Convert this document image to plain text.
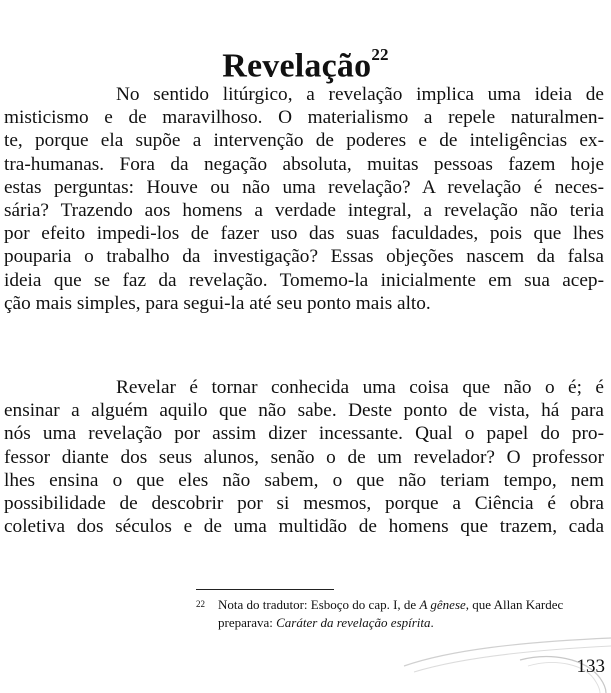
Revelação$^{22}$
No sentido litúrgico, a revelação implica uma ideia de
misticismo e de maravilhoso. O materialismo a repele naturalmen-
te, porque ela supõe a intervenção de poderes e de inteligências ex-
tra-humanas. Fora da negação absoluta, muitas pessoas fazem hoje
estas perguntas: Houve ou não uma revelação? A revelação é neces-
sária? Trazendo aos homens a verdade integral, a revelação não teria
por efeito impedi-los de fazer uso das suas faculdades, pois que lhes
pouparia o trabalho da investigação? Essas objeções nascem da falsa
ideia que se faz da revelação. Tomemo-la inicialmente em sua acep-
ção mais simples, para segui-la até seu ponto mais alto.
Revelar é tornar conhecida uma coisa que não o é; é
ensinar a alguém aquilo que não sabe. Deste ponto de vista, há para
nós uma revelação por assim dizer incessante. Qual o papel do pro-
fessor diante dos seus alunos, senão o de um revelador? O professor
lhes ensina o que eles não sabem, o que não teriam tempo, nem
possibilidade de descobrir por si mesmos, porque a Ciência é obra
coletiva dos séculos e de uma multidão de homens que trazem, cada
22 Nota do tradutor: Esboço do cap. I, de A gênese, que Allan Kardec
preparava: Caráter da revelação espírita.
133
